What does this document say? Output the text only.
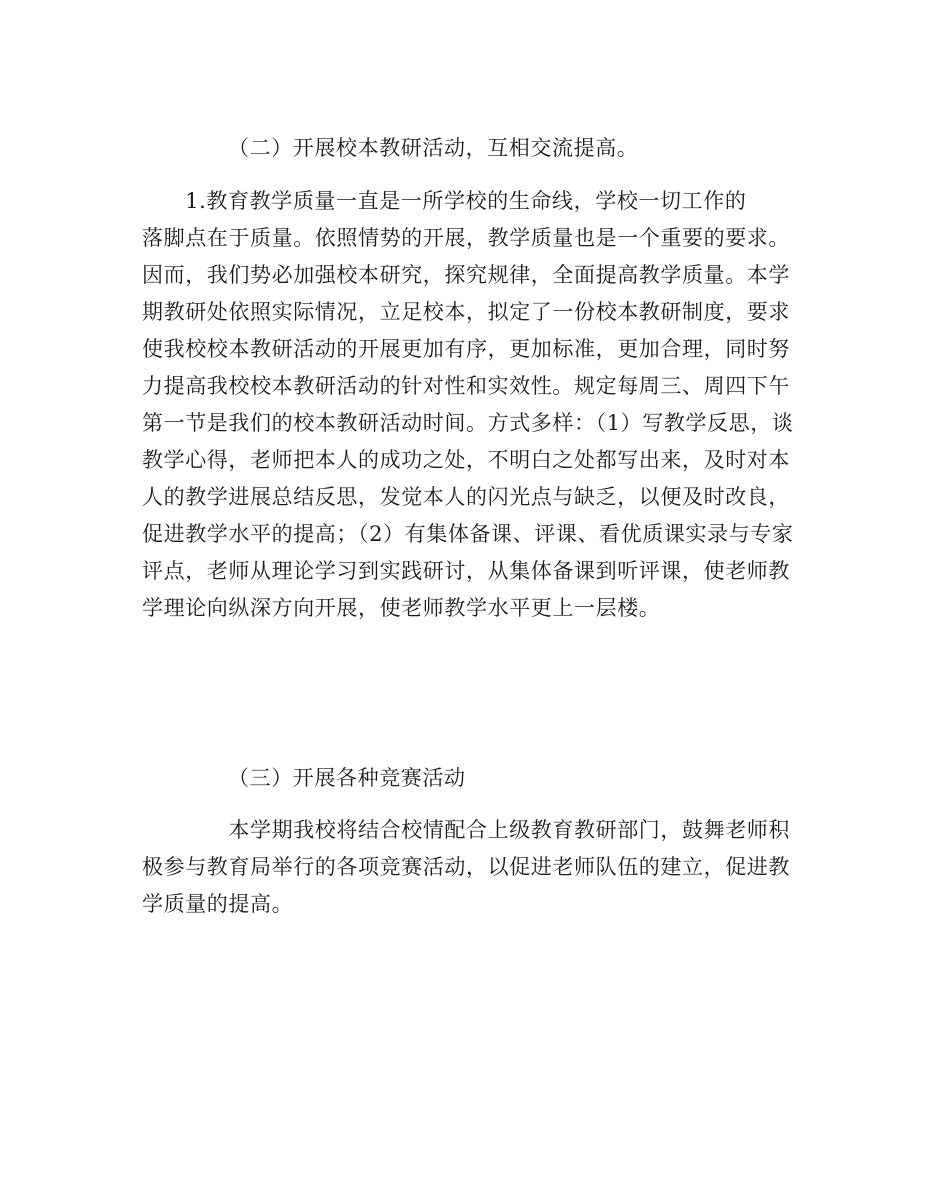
（二）开展校本教研活动，互相交流提高。
　　1.教育教学质量一直是一所学校的生命线，学校一切工作的
落脚点在于质量。依照情势的开展，教学质量也是一个重要的要求。
因而，我们势必加强校本研究，探究规律，全面提高教学质量。本学
期教研处依照实际情况，立足校本，拟定了一份校本教研制度，要求
使我校校本教研活动的开展更加有序，更加标准，更加合理，同时努
力提高我校校本教研活动的针对性和实效性。规定每周三、周四下午
第一节是我们的校本教研活动时间。方式多样：（1）写教学反思，谈
教学心得，老师把本人的成功之处，不明白之处都写出来，及时对本
人的教学进展总结反思，发觉本人的闪光点与缺乏，以便及时改良，
促进教学水平的提高；（2）有集体备课、评课、看优质课实录与专家
评点，老师从理论学习到实践研讨，从集体备课到听评课，使老师教
学理论向纵深方向开展，使老师教学水平更上一层楼。
（三）开展各种竞赛活动
　　　　本学期我校将结合校情配合上级教育教研部门，鼓舞老师积
极参与教育局举行的各项竞赛活动，以促进老师队伍的建立，促进教
学质量的提高。
